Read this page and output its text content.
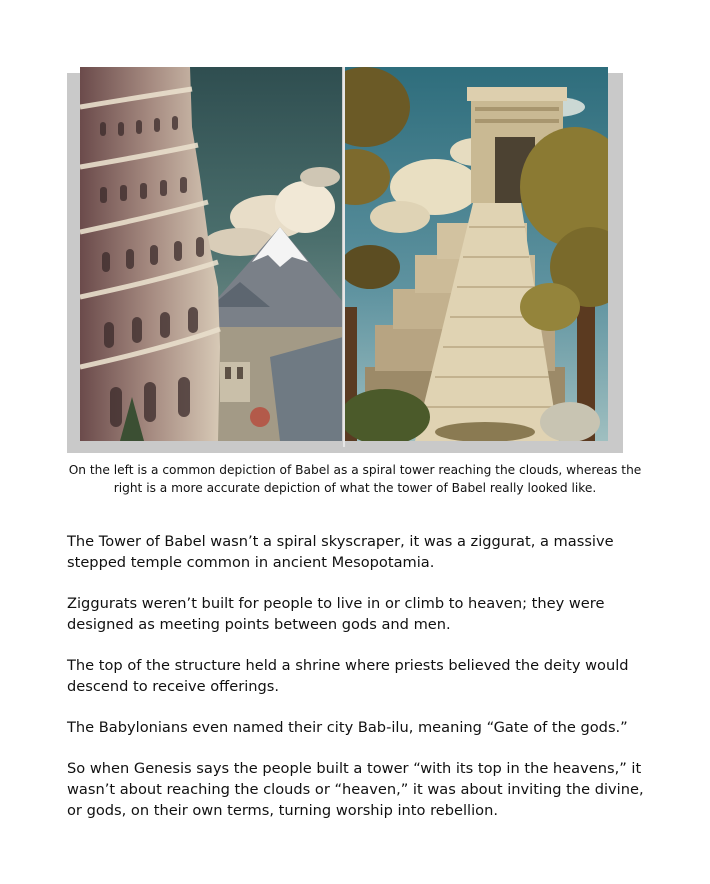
On the left is a common depiction of Babel as a spiral tower reaching the clouds, whereas the right is a more accurate depiction of what the tower of Babel really looked like.

The Tower of Babel wasn’t a spiral skyscraper, it was a ziggurat, a massive stepped temple common in ancient Mesopotamia.

Ziggurats weren’t built for people to live in or climb to heaven; they were designed as meeting points between gods and men.

The top of the structure held a shrine where priests believed the deity would descend to receive offerings.

The Babylonians even named their city Bab-ilu, meaning “Gate of the gods.”

So when Genesis says the people built a tower “with its top in the heavens,” it wasn’t about reaching the clouds or “heaven,” it was about inviting the divine, or gods, on their own terms, turning worship into rebellion.
